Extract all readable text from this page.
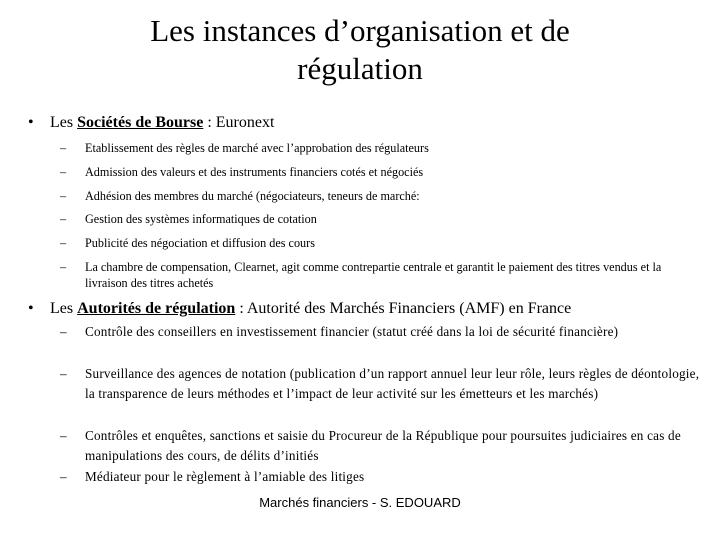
Les instances d’organisation et de
régulation
• Les Sociétés de Bourse : Euronext
– Etablissement des règles de marché avec l’approbation des régulateurs
– Admission des valeurs et des instruments financiers cotés et négociés
– Adhésion des membres du marché (négociateurs, teneurs de marché:
– Gestion des systèmes informatiques de cotation
– Publicité des négociation et diffusion des cours
– La chambre de compensation, Clearnet, agit comme contrepartie centrale et garantit le paiement des titres vendus et la livraison des titres achetés
• Les Autorités de régulation : Autorité des Marchés Financiers (AMF) en France
– Contrôle des conseillers en investissement financier (statut créé dans la loi de sécurité financière)
– Surveillance des agences de notation (publication d’un rapport annuel leur leur rôle, leurs règles de déontologie, la transparence de leurs méthodes et l’impact de leur activité sur les émetteurs et les marchés)
– Contrôles et enquêtes, sanctions et saisie du Procureur de la République pour poursuites judiciaires en cas de manipulations des cours, de délits d’initiés
– Médiateur pour le règlement à l’amiable des litiges
Marchés financiers - S. EDOUARD
